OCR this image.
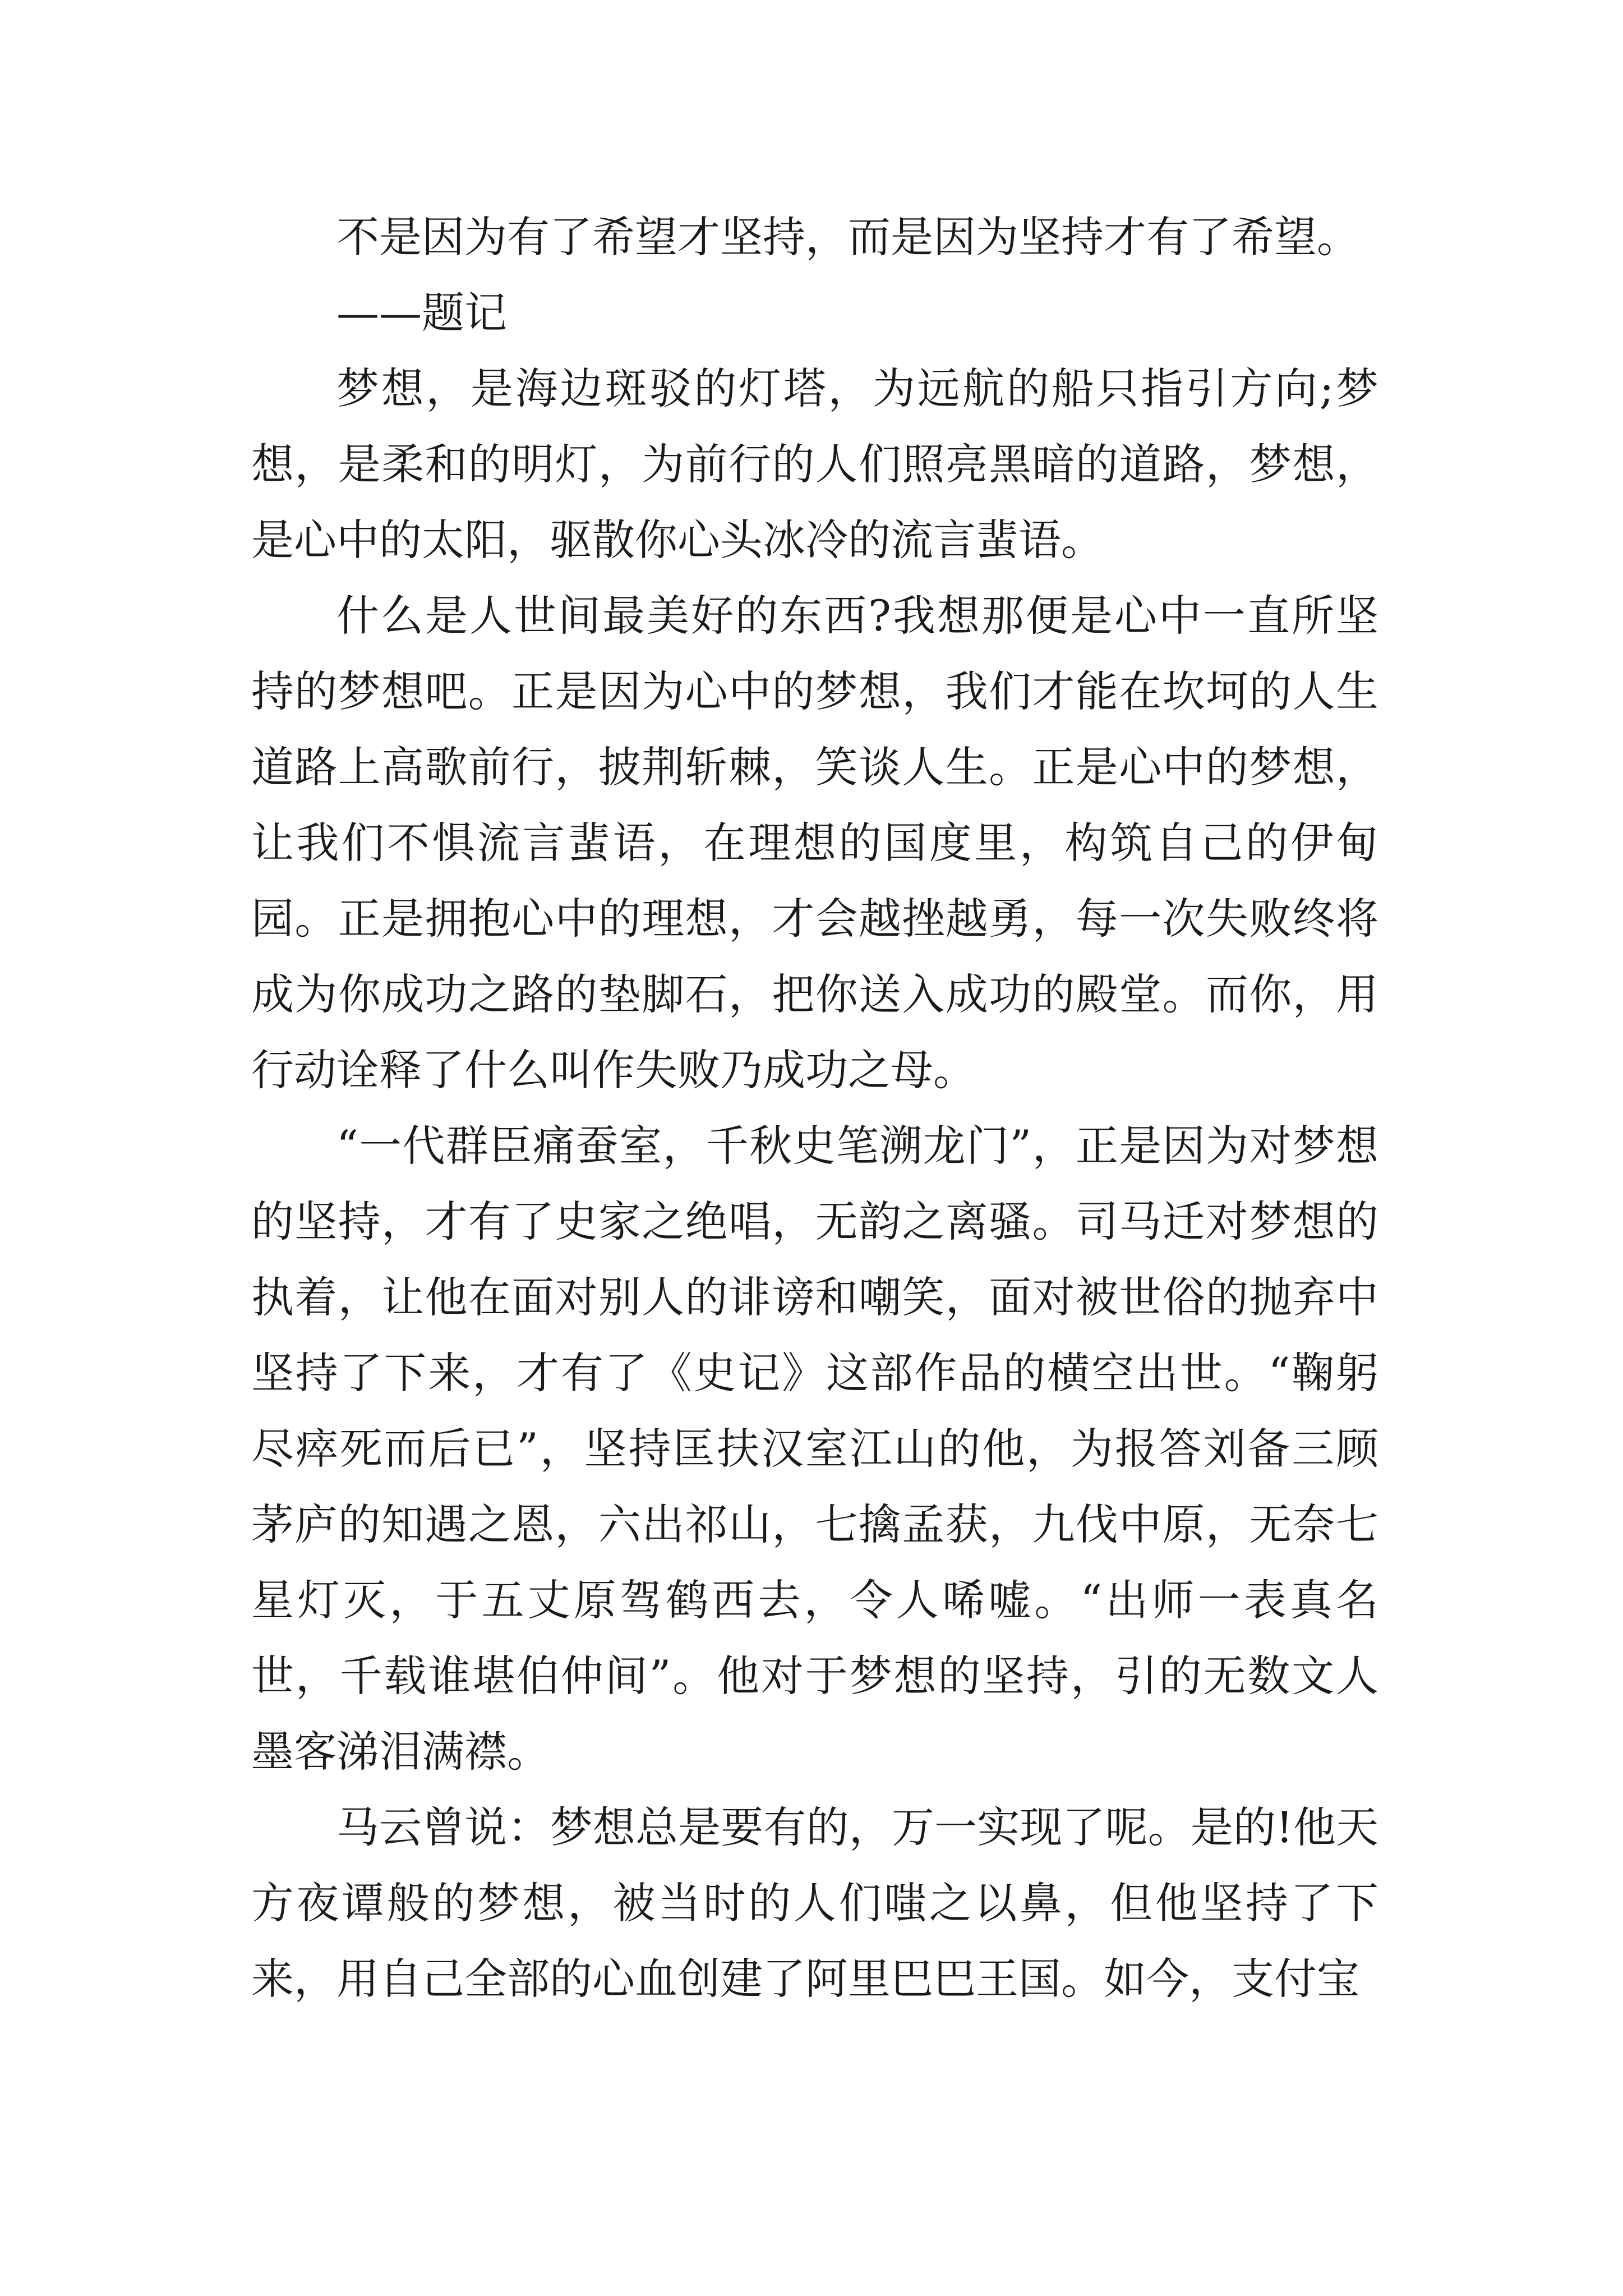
不是因为有了希望才坚持，而是因为坚持才有了希望。

——题记

梦想，是海边斑驳的灯塔，为远航的船只指引方向;梦想，是柔和的明灯，为前行的人们照亮黑暗的道路，梦想，是心中的太阳，驱散你心头冰冷的流言蜚语。

什么是人世间最美好的东西?我想那便是心中一直所坚持的梦想吧。正是因为心中的梦想，我们才能在坎坷的人生道路上高歌前行，披荆斩棘，笑谈人生。正是心中的梦想，让我们不惧流言蜚语，在理想的国度里，构筑自己的伊甸园。正是拥抱心中的理想，才会越挫越勇，每一次失败终将成为你成功之路的垫脚石，把你送入成功的殿堂。而你，用行动诠释了什么叫作失败乃成功之母。

“一代群臣痛蚕室，千秋史笔溯龙门”，正是因为对梦想的坚持，才有了史家之绝唱，无韵之离骚。司马迁对梦想的执着，让他在面对别人的诽谤和嘲笑，面对被世俗的抛弃中坚持了下来，才有了《史记》这部作品的横空出世。“鞠躬尽瘁死而后已”，坚持匡扶汉室江山的他，为报答刘备三顾茅庐的知遇之恩，六出祁山，七擒孟获，九伐中原，无奈七星灯灭，于五丈原驾鹤西去，令人唏嘘。“出师一表真名世，千载谁堪伯仲间”。他对于梦想的坚持，引的无数文人墨客涕泪满襟。

马云曾说：梦想总是要有的，万一实现了呢。是的!他天方夜谭般的梦想，被当时的人们嗤之以鼻，但他坚持了下来，用自己全部的心血创建了阿里巴巴王国。如今，支付宝
